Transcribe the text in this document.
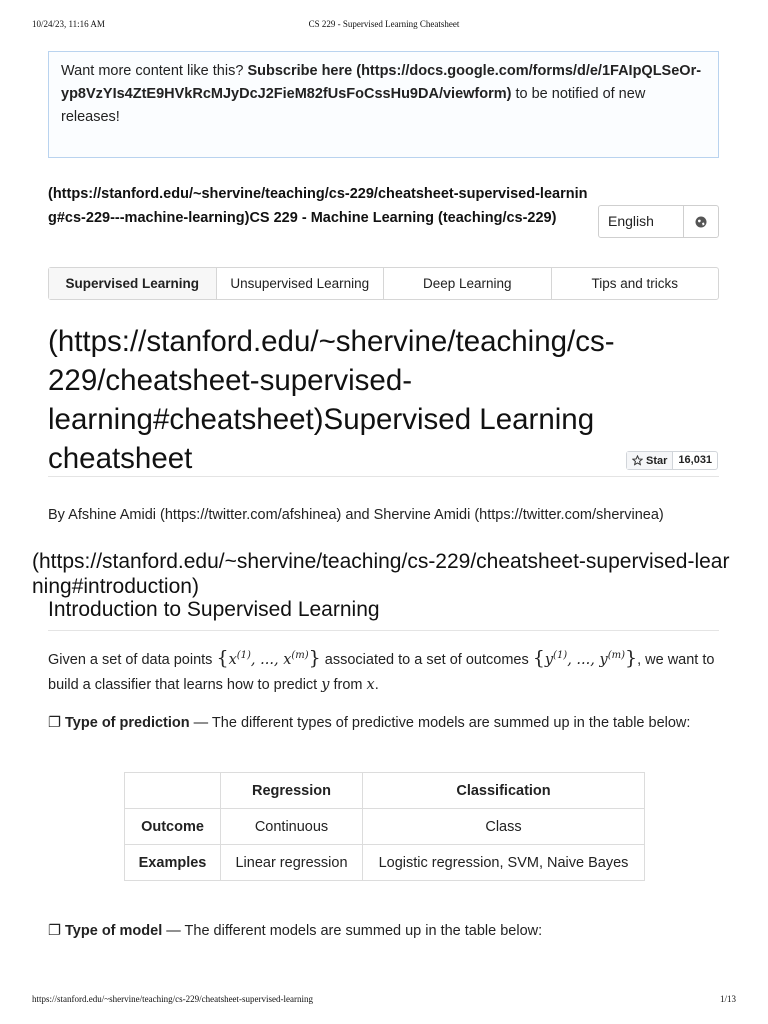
10/24/23, 11:16 AM	CS 229 - Supervised Learning Cheatsheet
Want more content like this? Subscribe here (https://docs.google.com/forms/d/e/1FAIpQLSeOr-yp8VzYIs4ZtE9HVkRcMJyDcJ2FieM82fUsFoCssHu9DA/viewform) to be notified of new releases!
(https://stanford.edu/~shervine/teaching/cs-229/cheatsheet-supervised-learning#cs-229---machine-learning)CS 229 - Machine Learning (teaching/cs-229)	English
Supervised Learning	Unsupervised Learning	Deep Learning	Tips and tricks
(https://stanford.edu/~shervine/teaching/cs-229/cheatsheet-supervised-learning#cheatsheet)Supervised Learning cheatsheet	Star	16,031
By Afshine Amidi (https://twitter.com/afshinea) and Shervine Amidi (https://twitter.com/shervinea)
(https://stanford.edu/~shervine/teaching/cs-229/cheatsheet-supervised-learning#introduction)
Introduction to Supervised Learning
Given a set of data points {$x^{(1)}$, ..., $x^{(m)}$} associated to a set of outcomes {$y^{(1)}$, ..., $y^{(m)}$}, we want to build a classifier that learns how to predict y from x.
❐ Type of prediction — The different types of predictive models are summed up in the table below:
	Regression	Classification
Outcome	Continuous	Class
Examples	Linear regression	Logistic regression, SVM, Naive Bayes
❐ Type of model — The different models are summed up in the table below:
https://stanford.edu/~shervine/teaching/cs-229/cheatsheet-supervised-learning	1/13
